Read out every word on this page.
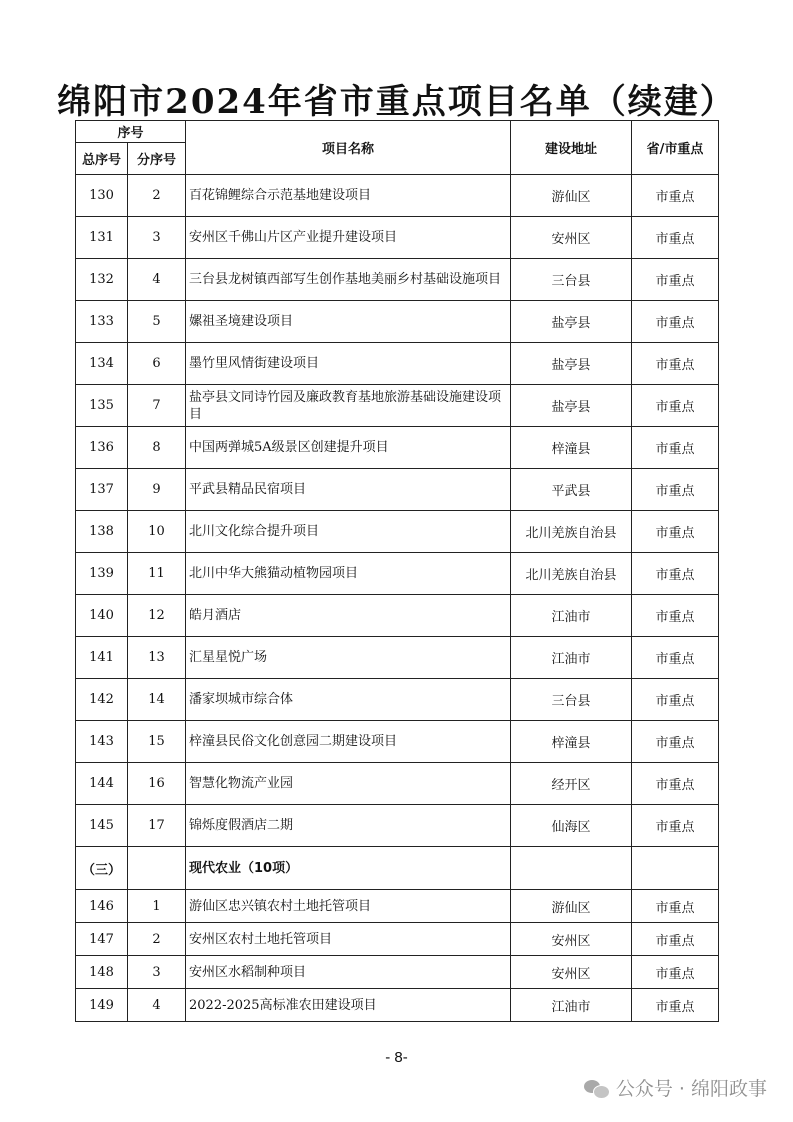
绵阳市2024年省市重点项目名单（续建）
序号		项目名称	建设地址	省/市重点
总序号	分序号			
130	2	百花锦鲤综合示范基地建设项目	游仙区	市重点
131	3	安州区千佛山片区产业提升建设项目	安州区	市重点
132	4	三台县龙树镇西部写生创作基地美丽乡村基础设施项目	三台县	市重点
133	5	嫘祖圣境建设项目	盐亭县	市重点
134	6	墨竹里风情街建设项目	盐亭县	市重点
135	7	盐亭县文同诗竹园及廉政教育基地旅游基础设施建设项目	盐亭县	市重点
136	8	中国两弹城5A级景区创建提升项目	梓潼县	市重点
137	9	平武县精品民宿项目	平武县	市重点
138	10	北川文化综合提升项目	北川羌族自治县	市重点
139	11	北川中华大熊猫动植物园项目	北川羌族自治县	市重点
140	12	皓月酒店	江油市	市重点
141	13	汇星星悦广场	江油市	市重点
142	14	潘家坝城市综合体	三台县	市重点
143	15	梓潼县民俗文化创意园二期建设项目	梓潼县	市重点
144	16	智慧化物流产业园	经开区	市重点
145	17	锦烁度假酒店二期	仙海区	市重点
（三）		现代农业（10项）		
146	1	游仙区忠兴镇农村土地托管项目	游仙区	市重点
147	2	安州区农村土地托管项目	安州区	市重点
148	3	安州区水稻制种项目	安州区	市重点
149	4	2022-2025高标准农田建设项目	江油市	市重点
- 8-
公众号 · 绵阳政事
